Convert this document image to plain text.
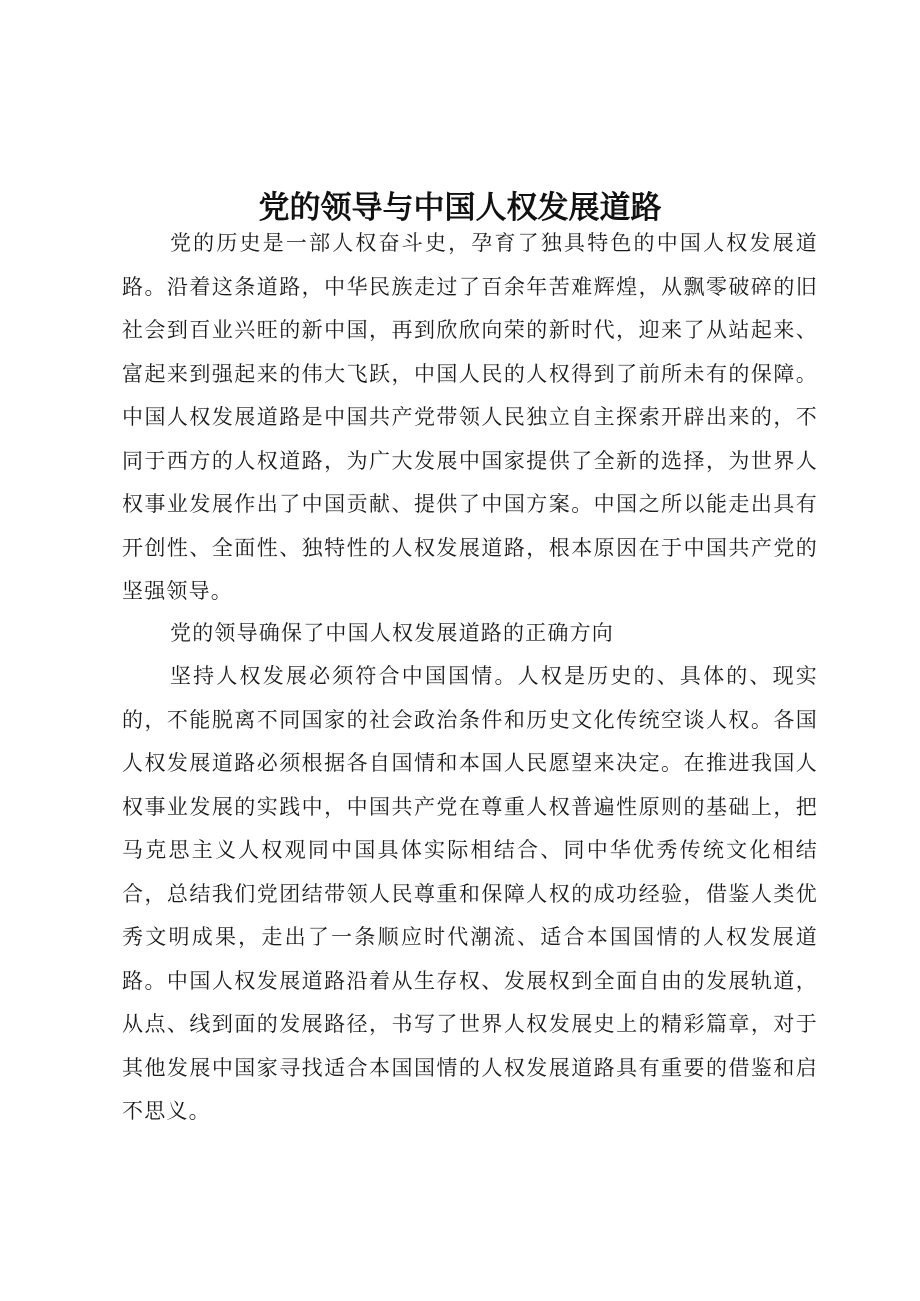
党的领导与中国人权发展道路

党的历史是一部人权奋斗史，孕育了独具特色的中国人权发展道路。沿着这条道路，中华民族走过了百余年苦难辉煌，从飘零破碎的旧社会到百业兴旺的新中国，再到欣欣向荣的新时代，迎来了从站起来、富起来到强起来的伟大飞跃，中国人民的人权得到了前所未有的保障。中国人权发展道路是中国共产党带领人民独立自主探索开辟出来的，不同于西方的人权道路，为广大发展中国家提供了全新的选择，为世界人权事业发展作出了中国贡献、提供了中国方案。中国之所以能走出具有开创性、全面性、独特性的人权发展道路，根本原因在于中国共产党的坚强领导。

党的领导确保了中国人权发展道路的正确方向

坚持人权发展必须符合中国国情。人权是历史的、具体的、现实的，不能脱离不同国家的社会政治条件和历史文化传统空谈人权。各国人权发展道路必须根据各自国情和本国人民愿望来决定。在推进我国人权事业发展的实践中，中国共产党在尊重人权普遍性原则的基础上，把马克思主义人权观同中国具体实际相结合、同中华优秀传统文化相结合，总结我们党团结带领人民尊重和保障人权的成功经验，借鉴人类优秀文明成果，走出了一条顺应时代潮流、适合本国国情的人权发展道路。中国人权发展道路沿着从生存权、发展权到全面自由的发展轨道，从点、线到面的发展路径，书写了世界人权发展史上的精彩篇章，对于其他发展中国家寻找适合本国国情的人权发展道路具有重要的借鉴和启不思义。
